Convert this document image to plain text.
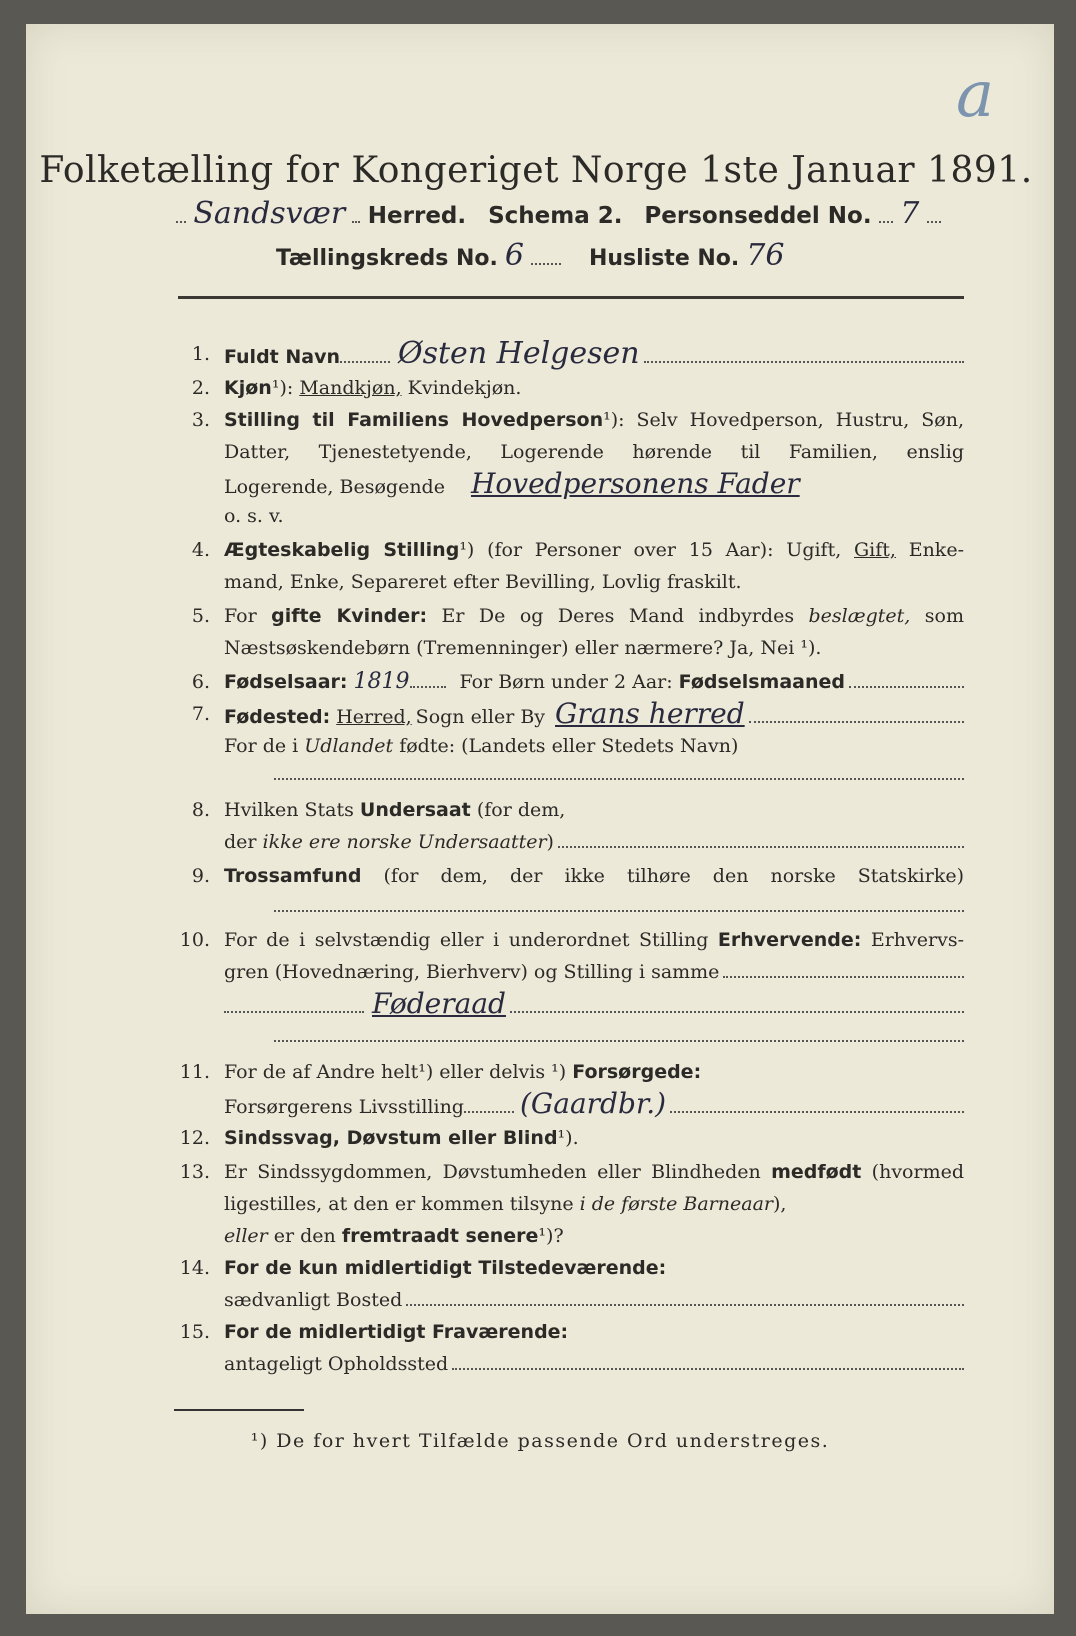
a
Folketælling for Kongeriget Norge 1ste Januar 1891.
Sandsvær Herred. Schema 2. Personseddel No. 7
Tællingskreds No. 6	Husliste No. 76
1. Fuldt Navn Østen Helgesen
2. Kjøn¹): Mandkjøn, Kvindekjøn.
3. Stilling til Familiens Hovedperson¹): Selv Hovedperson, Hustru, Søn,
Datter, Tjenestetyende, Logerende hørende til Familien, enslig
Logerende, Besøgende Hovedpersonens Fader
o. s. v.
4. Ægteskabelig Stilling¹) (for Personer over 15 Aar): Ugift, Gift, Enke-
mand, Enke, Separeret efter Bevilling, Lovlig fraskilt.
5. For gifte Kvinder: Er De og Deres Mand indbyrdes beslægtet, som
Næstsøskendebørn (Tremenninger) eller nærmere? Ja, Nei ¹).
6. Fødselsaar: 1819	For Børn under 2 Aar: Fødselsmaaned
7. Fødested: Herred, Sogn eller By Grans herred
For de i Udlandet fødte: (Landets eller Stedets Navn)
8. Hvilken Stats Undersaat (for dem,
der ikke ere norske Undersaatter )
9. Trossamfund (for dem, der ikke tilhøre den norske Statskirke)
10. For de i selvstændig eller i underordnet Stilling Erhvervende: Erhvervs-
gren (Hovednæring, Bierhverv) og Stilling i samme
Føderaad
11. For de af Andre helt¹) eller delvis ¹) Forsørgede:
Forsørgerens Livsstilling (Gaardbr.)
12. Sindssvag, Døvstum eller Blind¹).
13. Er Sindssygdommen, Døvstumheden eller Blindheden medfødt (hvormed
ligestilles, at den er kommen tilsyne i de første Barneaar),
eller er den fremtraadt senere¹)?
14. For de kun midlertidigt Tilstedeværende:
sædvanligt Bosted
15. For de midlertidigt Fraværende:
antageligt Opholdssted
¹) De for hvert Tilfælde passende Ord understreges.
